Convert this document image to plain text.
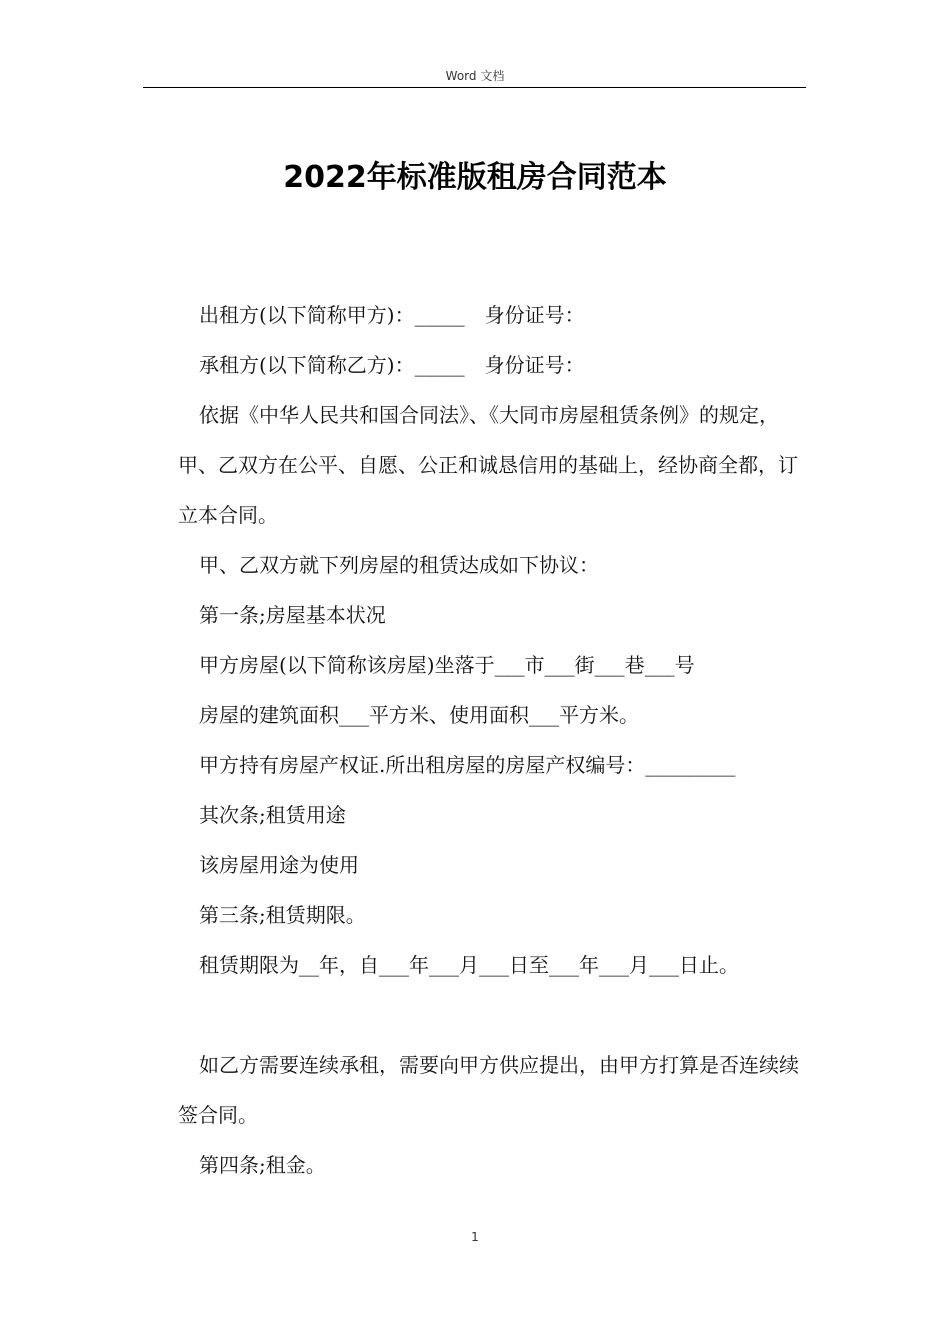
Word 文档
2022年标准版租房合同范本

出租方(以下简称甲方)：_____　身份证号：

承租方(以下简称乙方)：_____　身份证号：

依据《中华人民共和国合同法》、《大同市房屋租赁条例》的规定，甲、乙双方在公平、自愿、公正和诚恳信用的基础上，经协商全都，订立本合同。

甲、乙双方就下列房屋的租赁达成如下协议：

第一条;房屋基本状况

甲方房屋(以下简称该房屋)坐落于___市___街___巷___号

房屋的建筑面积___平方米、使用面积___平方米。

甲方持有房屋产权证.所出租房屋的房屋产权编号：_________

其次条;租赁用途

该房屋用途为使用

第三条;租赁期限。

租赁期限为__年，自___年___月___日至___年___月___日止。

如乙方需要连续承租，需要向甲方供应提出，由甲方打算是否连续续签合同。

第四条;租金。

1
